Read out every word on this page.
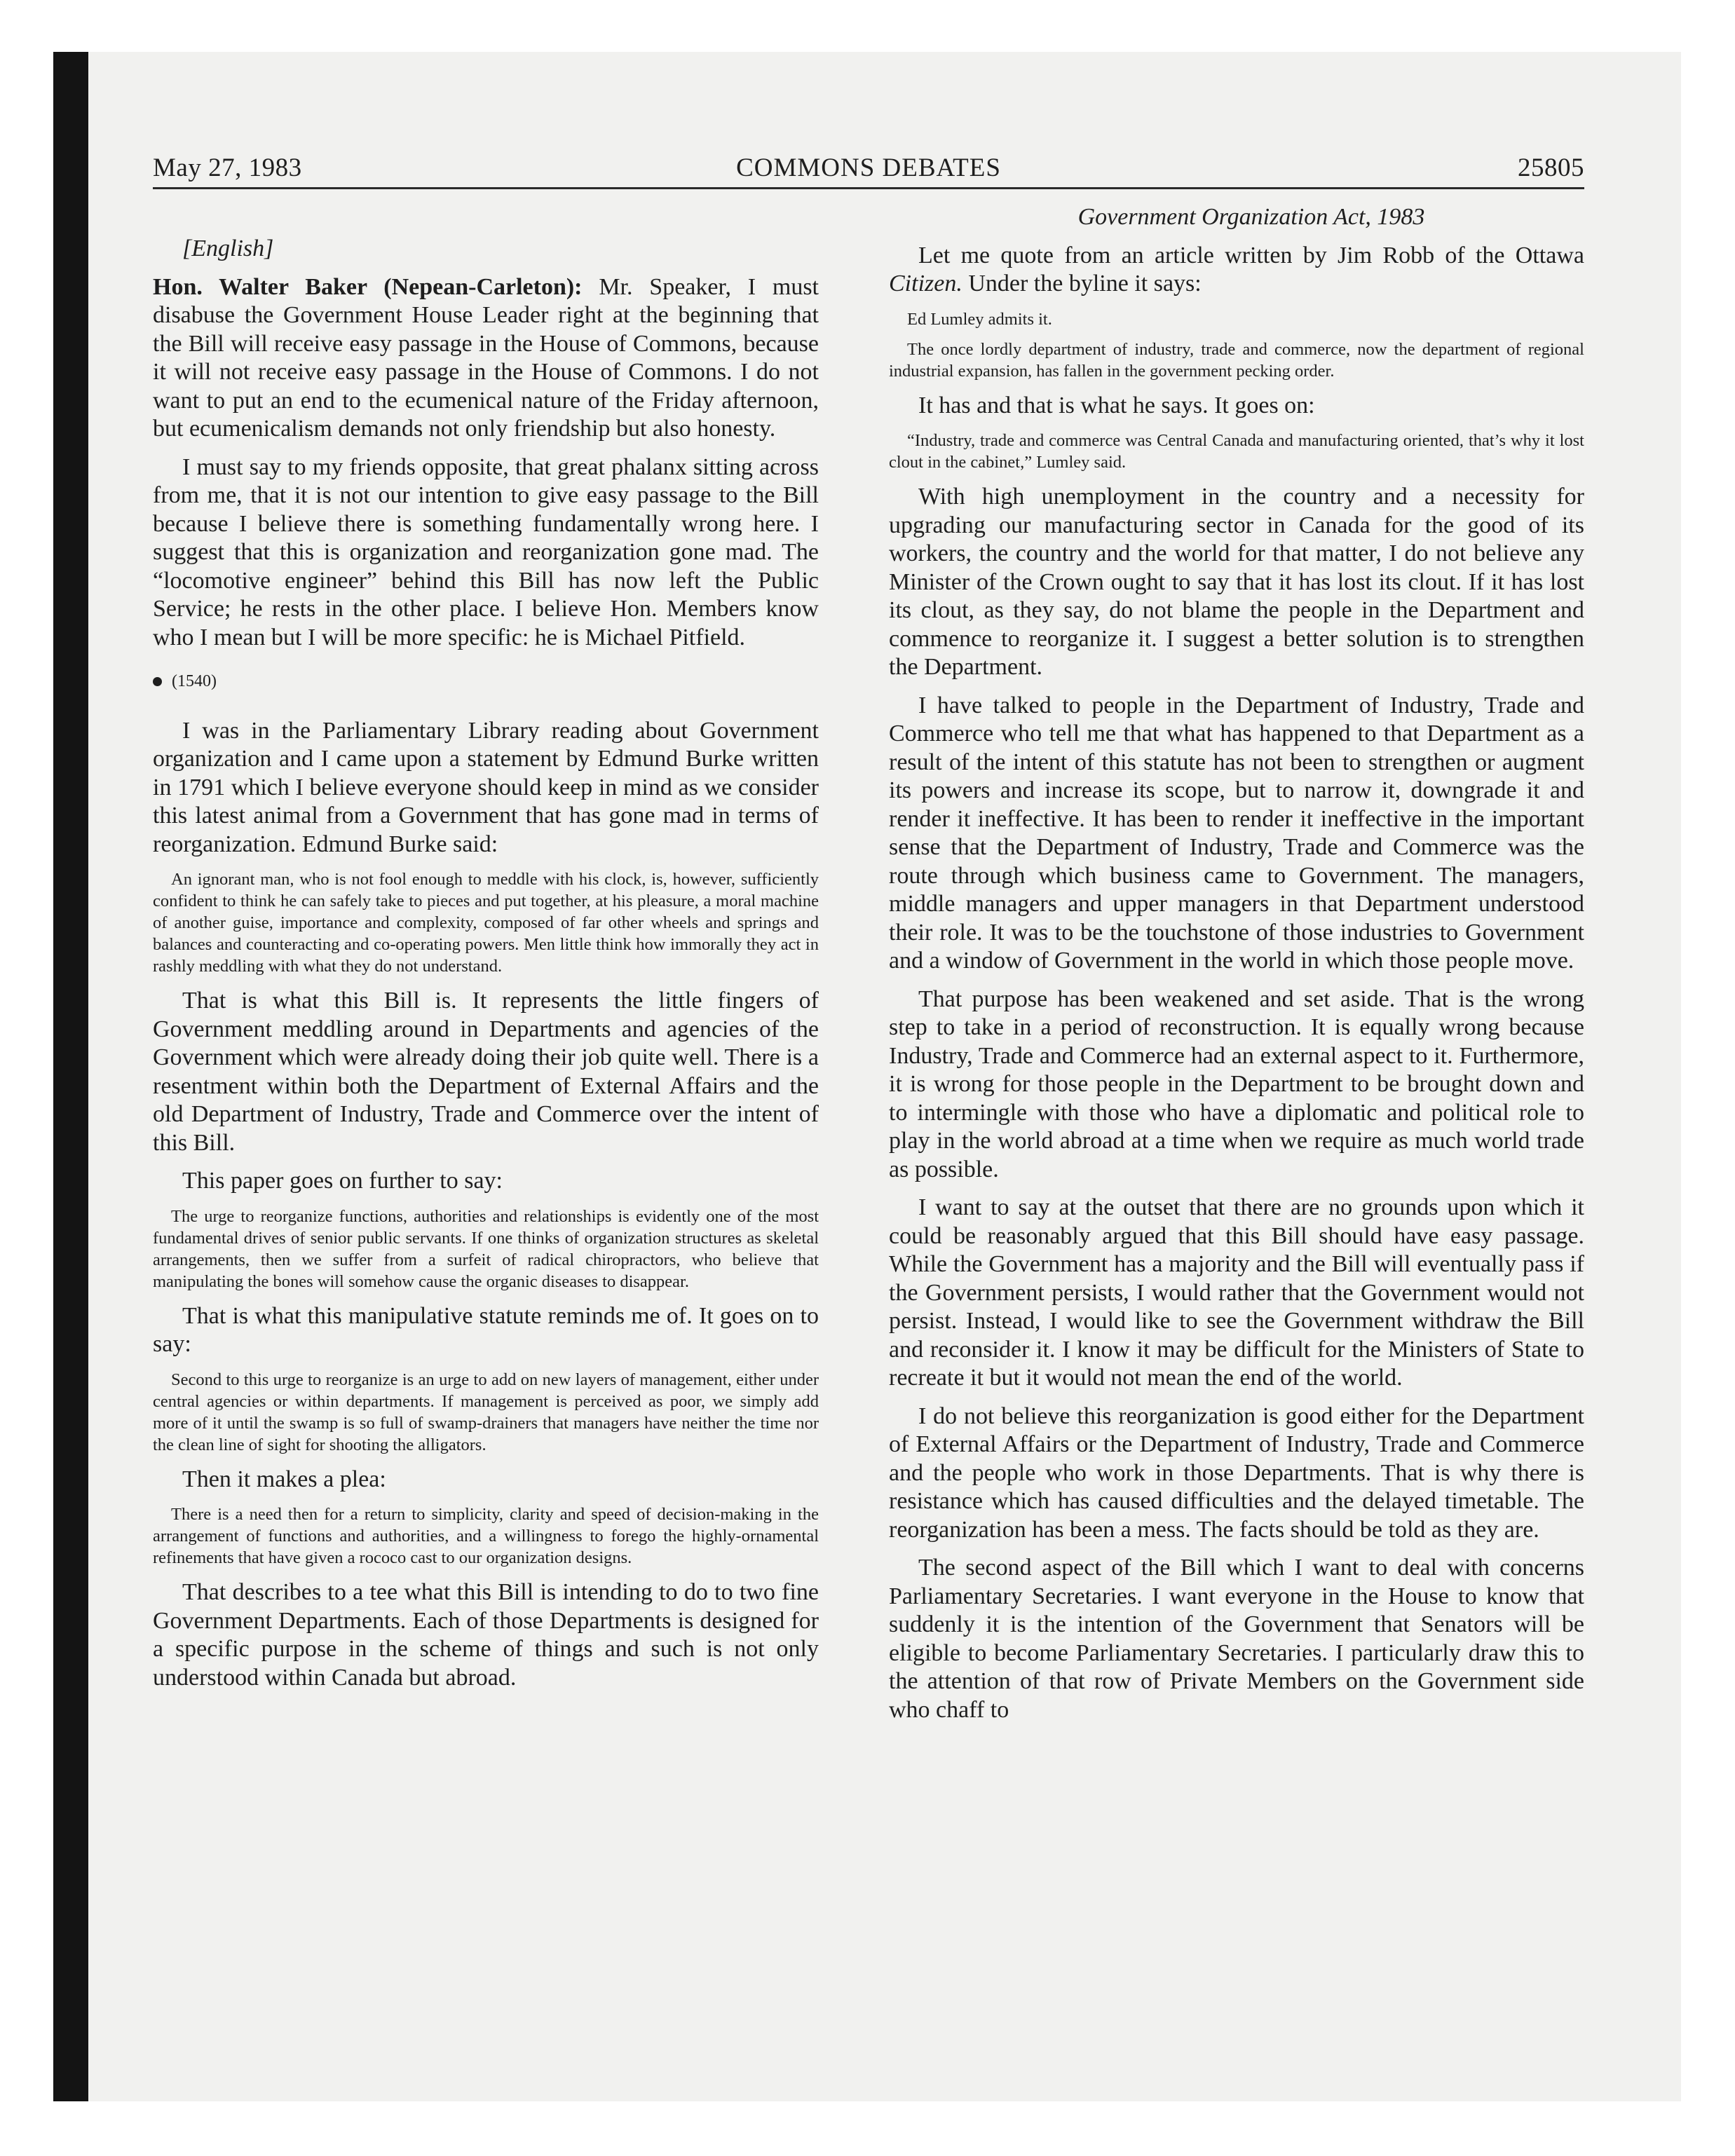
May 27, 1983	COMMONS DEBATES	25805

[English]

Hon. Walter Baker (Nepean-Carleton): Mr. Speaker, I must disabuse the Government House Leader right at the beginning that the Bill will receive easy passage in the House of Commons, because it will not receive easy passage in the House of Commons. I do not want to put an end to the ecumenical nature of the Friday afternoon, but ecumenicalism demands not only friendship but also honesty.

I must say to my friends opposite, that great phalanx sitting across from me, that it is not our intention to give easy passage to the Bill because I believe there is something fundamentally wrong here. I suggest that this is organization and reorganization gone mad. The “locomotive engineer” behind this Bill has now left the Public Service; he rests in the other place. I believe Hon. Members know who I mean but I will be more specific: he is Michael Pitfield.

(1540)

I was in the Parliamentary Library reading about Government organization and I came upon a statement by Edmund Burke written in 1791 which I believe everyone should keep in mind as we consider this latest animal from a Government that has gone mad in terms of reorganization. Edmund Burke said:

An ignorant man, who is not fool enough to meddle with his clock, is, however, sufficiently confident to think he can safely take to pieces and put together, at his pleasure, a moral machine of another guise, importance and complexity, composed of far other wheels and springs and balances and counteracting and co-operating powers. Men little think how immorally they act in rashly meddling with what they do not understand.

That is what this Bill is. It represents the little fingers of Government meddling around in Departments and agencies of the Government which were already doing their job quite well. There is a resentment within both the Department of External Affairs and the old Department of Industry, Trade and Commerce over the intent of this Bill.

This paper goes on further to say:

The urge to reorganize functions, authorities and relationships is evidently one of the most fundamental drives of senior public servants. If one thinks of organization structures as skeletal arrangements, then we suffer from a surfeit of radical chiropractors, who believe that manipulating the bones will somehow cause the organic diseases to disappear.

That is what this manipulative statute reminds me of. It goes on to say:

Second to this urge to reorganize is an urge to add on new layers of management, either under central agencies or within departments. If management is perceived as poor, we simply add more of it until the swamp is so full of swamp-drainers that managers have neither the time nor the clean line of sight for shooting the alligators.

Then it makes a plea:

There is a need then for a return to simplicity, clarity and speed of decision-making in the arrangement of functions and authorities, and a willingness to forego the highly-ornamental refinements that have given a rococo cast to our organization designs.

That describes to a tee what this Bill is intending to do to two fine Government Departments. Each of those Departments is designed for a specific purpose in the scheme of things and such is not only understood within Canada but abroad.

Government Organization Act, 1983

Let me quote from an article written by Jim Robb of the Ottawa Citizen. Under the byline it says:

Ed Lumley admits it.

The once lordly department of industry, trade and commerce, now the department of regional industrial expansion, has fallen in the government pecking order.

It has and that is what he says. It goes on:

“Industry, trade and commerce was Central Canada and manufacturing oriented, that’s why it lost clout in the cabinet,” Lumley said.

With high unemployment in the country and a necessity for upgrading our manufacturing sector in Canada for the good of its workers, the country and the world for that matter, I do not believe any Minister of the Crown ought to say that it has lost its clout. If it has lost its clout, as they say, do not blame the people in the Department and commence to reorganize it. I suggest a better solution is to strengthen the Department.

I have talked to people in the Department of Industry, Trade and Commerce who tell me that what has happened to that Department as a result of the intent of this statute has not been to strengthen or augment its powers and increase its scope, but to narrow it, downgrade it and render it ineffective. It has been to render it ineffective in the important sense that the Department of Industry, Trade and Commerce was the route through which business came to Government. The managers, middle managers and upper managers in that Department understood their role. It was to be the touchstone of those industries to Government and a window of Government in the world in which those people move.

That purpose has been weakened and set aside. That is the wrong step to take in a period of reconstruction. It is equally wrong because Industry, Trade and Commerce had an external aspect to it. Furthermore, it is wrong for those people in the Department to be brought down and to intermingle with those who have a diplomatic and political role to play in the world abroad at a time when we require as much world trade as possible.

I want to say at the outset that there are no grounds upon which it could be reasonably argued that this Bill should have easy passage. While the Government has a majority and the Bill will eventually pass if the Government persists, I would rather that the Government would not persist. Instead, I would like to see the Government withdraw the Bill and reconsider it. I know it may be difficult for the Ministers of State to recreate it but it would not mean the end of the world.

I do not believe this reorganization is good either for the Department of External Affairs or the Department of Industry, Trade and Commerce and the people who work in those Departments. That is why there is resistance which has caused difficulties and the delayed timetable. The reorganization has been a mess. The facts should be told as they are.

The second aspect of the Bill which I want to deal with concerns Parliamentary Secretaries. I want everyone in the House to know that suddenly it is the intention of the Government that Senators will be eligible to become Parliamentary Secretaries. I particularly draw this to the attention of that row of Private Members on the Government side who chaff to
